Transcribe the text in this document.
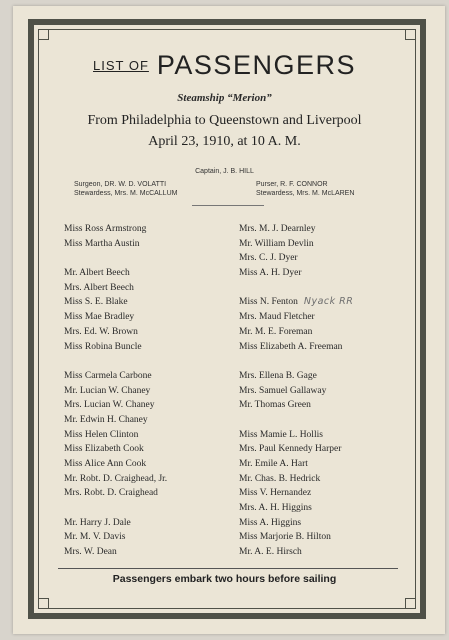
$^{LIST OF}$ PASSENGERS
Steamship “Merion”
From Philadelphia to Queenstown and Liverpool
April 23, 1910, at 10 A. M.
Captain, J. B. HILL
Surgeon, DR. W. D. VOLATTI
Stewardess, Mrs. M. McCALLUM
Purser, R. F. CONNOR
Stewardess, Mrs. M. McLAREN
Miss Ross Armstrong
Miss Martha Austin
Mr. Albert Beech
Mrs. Albert Beech
Miss S. E. Blake
Miss Mae Bradley
Mrs. Ed. W. Brown
Miss Robina Buncle
Miss Carmela Carbone
Mr. Lucian W. Chaney
Mrs. Lucian W. Chaney
Mr. Edwin H. Chaney
Miss Helen Clinton
Miss Elizabeth Cook
Miss Alice Ann Cook
Mr. Robt. D. Craighead, Jr.
Mrs. Robt. D. Craighead
Mr. Harry J. Dale
Mr. M. V. Davis
Mrs. W. Dean
Mrs. M. J. Dearnley
Mr. William Devlin
Mrs. C. J. Dyer
Miss A. H. Dyer
Miss N. Fenton Nyack RR
Mrs. Maud Fletcher
Mr. M. E. Foreman
Miss Elizabeth A. Freeman
Mrs. Ellena B. Gage
Mrs. Samuel Gallaway
Mr. Thomas Green
Miss Mamie L. Hollis
Mrs. Paul Kennedy Harper
Mr. Emile A. Hart
Mr. Chas. B. Hedrick
Miss V. Hernandez
Mrs. A. H. Higgins
Miss A. Higgins
Miss Marjorie B. Hilton
Mr. A. E. Hirsch
Passengers embark two hours before sailing
